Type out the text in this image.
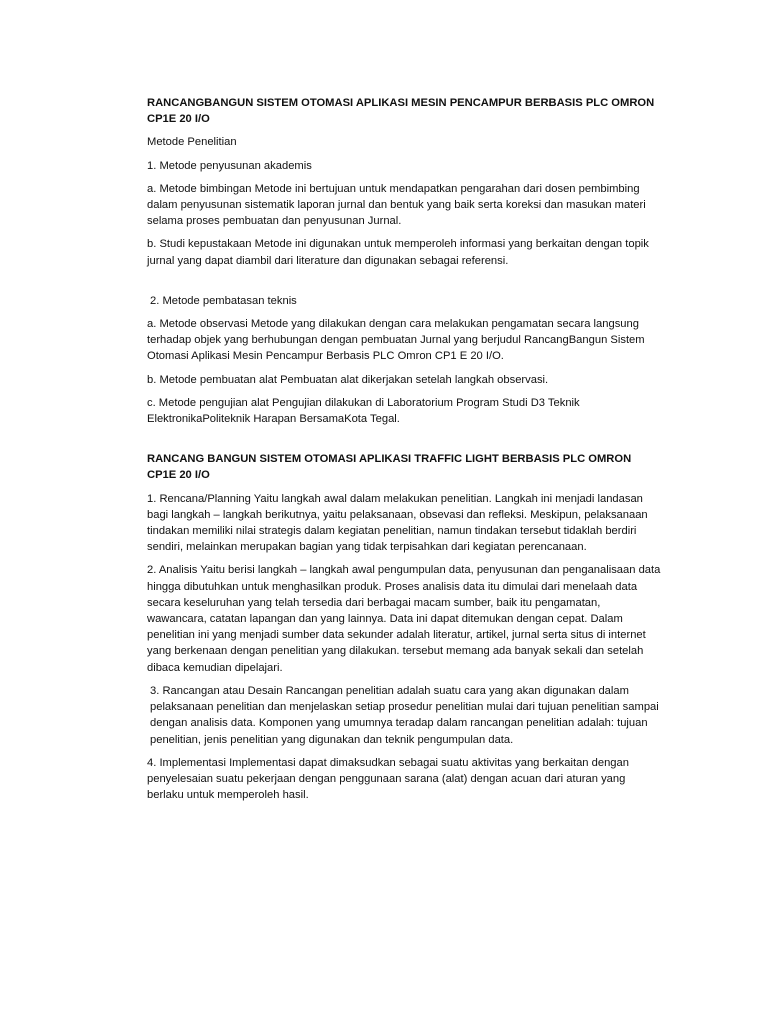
RANCANGBANGUN SISTEM OTOMASI APLIKASI MESIN PENCAMPUR BERBASIS PLC OMRON CP1E 20 I/O

Metode Penelitian

1. Metode penyusunan akademis

a. Metode bimbingan Metode ini bertujuan untuk mendapatkan pengarahan dari dosen pembimbing dalam penyusunan sistematik laporan jurnal dan bentuk yang baik serta koreksi dan masukan materi selama proses pembuatan dan penyusunan Jurnal.

b. Studi kepustakaan Metode ini digunakan untuk memperoleh informasi yang berkaitan dengan topik jurnal yang dapat diambil dari literature dan digunakan sebagai referensi.

2. Metode pembatasan teknis

a. Metode observasi Metode yang dilakukan dengan cara melakukan pengamatan secara langsung terhadap objek yang berhubungan dengan pembuatan Jurnal yang berjudul RancangBangun Sistem Otomasi Aplikasi Mesin Pencampur Berbasis PLC Omron CP1 E 20 I/O.

b. Metode pembuatan alat Pembuatan alat dikerjakan setelah langkah observasi.

c. Metode pengujian alat Pengujian dilakukan di Laboratorium Program Studi D3 Teknik ElektronikaPoliteknik Harapan BersamaKota Tegal.

RANCANG BANGUN SISTEM OTOMASI APLIKASI TRAFFIC LIGHT BERBASIS PLC OMRON CP1E 20 I/O

1. Rencana/Planning Yaitu langkah awal dalam melakukan penelitian. Langkah ini menjadi landasan bagi langkah – langkah berikutnya, yaitu pelaksanaan, obsevasi dan refleksi. Meskipun, pelaksanaan tindakan memiliki nilai strategis dalam kegiatan penelitian, namun tindakan tersebut tidaklah berdiri sendiri, melainkan merupakan bagian yang tidak terpisahkan dari kegiatan perencanaan.

2. Analisis Yaitu berisi langkah – langkah awal pengumpulan data, penyusunan dan penganalisaan data hingga dibutuhkan untuk menghasilkan produk. Proses analisis data itu dimulai dari menelaah data secara keseluruhan yang telah tersedia dari berbagai macam sumber, baik itu pengamatan, wawancara, catatan lapangan dan yang lainnya. Data ini dapat ditemukan dengan cepat. Dalam penelitian ini yang menjadi sumber data sekunder adalah literatur, artikel, jurnal serta situs di internet yang berkenaan dengan penelitian yang dilakukan. tersebut memang ada banyak sekali dan setelah dibaca kemudian dipelajari.

3. Rancangan atau Desain Rancangan penelitian adalah suatu cara yang akan digunakan dalam pelaksanaan penelitian dan menjelaskan setiap prosedur penelitian mulai dari tujuan penelitian sampai dengan analisis data. Komponen yang umumnya teradap dalam rancangan penelitian adalah: tujuan penelitian, jenis penelitian yang digunakan dan teknik pengumpulan data.

4. Implementasi Implementasi dapat dimaksudkan sebagai suatu aktivitas yang berkaitan dengan penyelesaian suatu pekerjaan dengan penggunaan sarana (alat) dengan acuan dari aturan yang berlaku untuk memperoleh hasil.
